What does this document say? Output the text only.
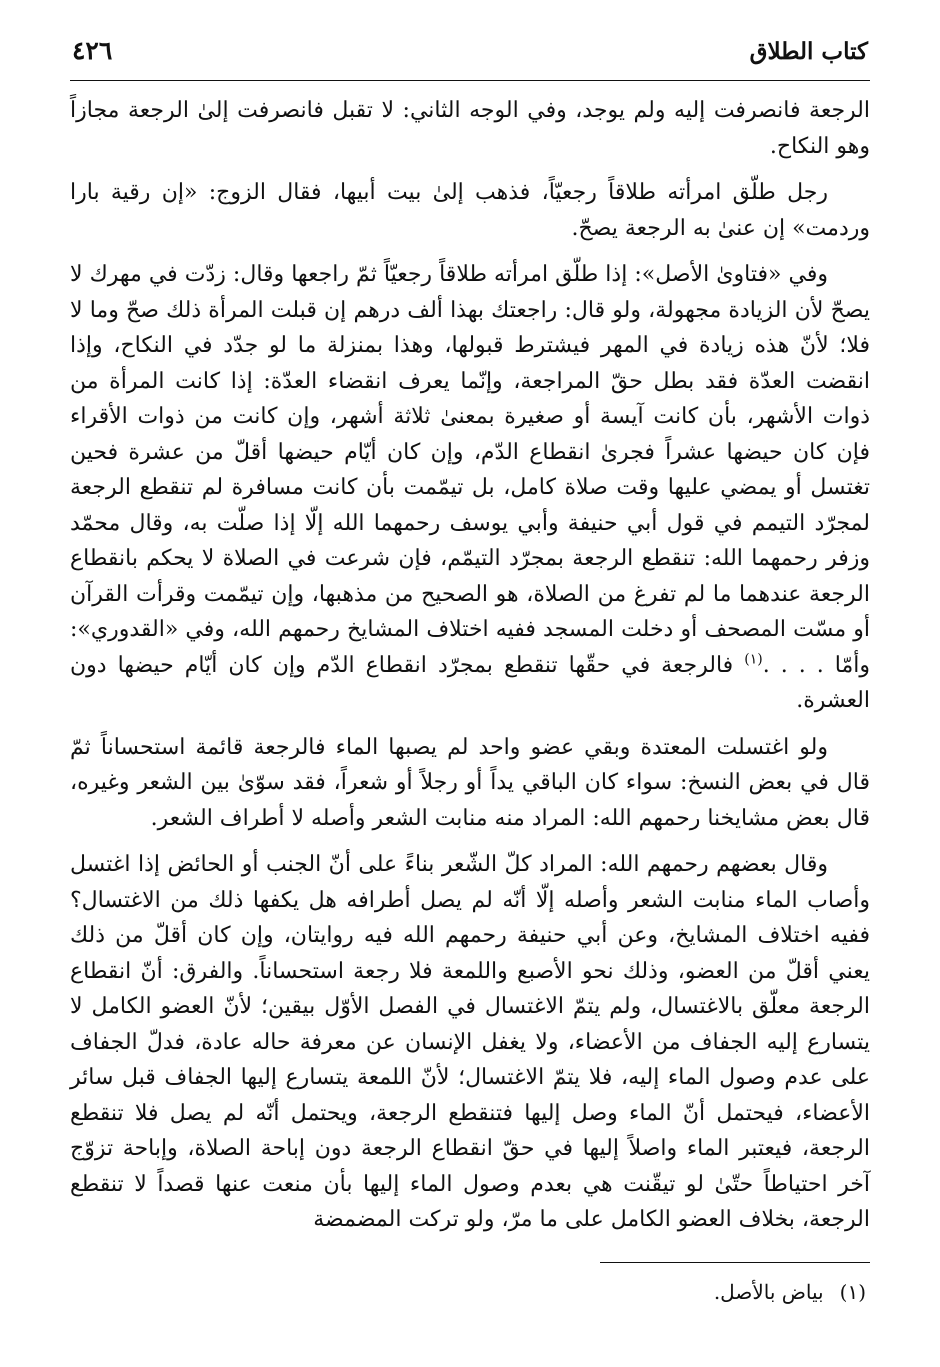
كتاب الطلاق
٤٢٦

الرجعة فانصرفت إليه ولم يوجد، وفي الوجه الثاني: لا تقبل فانصرفت إلىٰ الرجعة مجازاً وهو النكاح.

رجل طلّق امرأته طلاقاً رجعيّاً، فذهب إلىٰ بيت أبيها، فقال الزوج: «إن رقية بارا وردمت» إن عنىٰ به الرجعة يصحّ.

وفي «فتاوىٰ الأصل»: إذا طلّق امرأته طلاقاً رجعيّاً ثمّ راجعها وقال: زدّت في مهرك لا يصحّ لأن الزيادة مجهولة، ولو قال: راجعتك بهذا ألف درهم إن قبلت المرأة ذلك صحّ وما لا فلا؛ لأنّ هذه زيادة في المهر فيشترط قبولها، وهذا بمنزلة ما لو جدّد في النكاح، وإذا انقضت العدّة فقد بطل حقّ المراجعة، وإنّما يعرف انقضاء العدّة: إذا كانت المرأة من ذوات الأشهر، بأن كانت آيسة أو صغيرة بمعنىٰ ثلاثة أشهر، وإن كانت من ذوات الأقراء فإن كان حيضها عشراً فجرىٰ انقطاع الدّم، وإن كان أيّام حيضها أقلّ من عشرة فحين تغتسل أو يمضي عليها وقت صلاة كامل، بل تيمّمت بأن كانت مسافرة لم تنقطع الرجعة لمجرّد التيمم في قول أبي حنيفة وأبي يوسف رحمهما الله إلّا إذا صلّت به، وقال محمّد وزفر رحمهما الله: تنقطع الرجعة بمجرّد التيمّم، فإن شرعت في الصلاة لا يحكم بانقطاع الرجعة عندهما ما لم تفرغ من الصلاة، هو الصحيح من مذهبها، وإن تيمّمت وقرأت القرآن أو مسّت المصحف أو دخلت المسجد ففيه اختلاف المشايخ رحمهم الله، وفي «القدوري»: وأمّا . . . .$^{(١)}$ فالرجعة في حقّها تنقطع بمجرّد انقطاع الدّم وإن كان أيّام حيضها دون العشرة.

ولو اغتسلت المعتدة وبقي عضو واحد لم يصبها الماء فالرجعة قائمة استحساناً ثمّ قال في بعض النسخ: سواء كان الباقي يداً أو رجلاً أو شعراً، فقد سوّىٰ بين الشعر وغيره، قال بعض مشايخنا رحمهم الله: المراد منه منابت الشعر وأصله لا أطراف الشعر.

وقال بعضهم رحمهم الله: المراد كلّ الشّعر بناءً على أنّ الجنب أو الحائض إذا اغتسل وأصاب الماء منابت الشعر وأصله إلّا أنّه لم يصل أطرافه هل يكفها ذلك من الاغتسال؟ ففيه اختلاف المشايخ، وعن أبي حنيفة رحمهم الله فيه روايتان، وإن كان أقلّ من ذلك يعني أقلّ من العضو، وذلك نحو الأصبع واللمعة فلا رجعة استحساناً. والفرق: أنّ انقطاع الرجعة معلّق بالاغتسال، ولم يتمّ الاغتسال في الفصل الأوّل بيقين؛ لأنّ العضو الكامل لا يتسارع إليه الجفاف من الأعضاء، ولا يغفل الإنسان عن معرفة حاله عادة، فدلّ الجفاف على عدم وصول الماء إليه، فلا يتمّ الاغتسال؛ لأنّ اللمعة يتسارع إليها الجفاف قبل سائر الأعضاء، فيحتمل أنّ الماء وصل إليها فتنقطع الرجعة، ويحتمل أنّه لم يصل فلا تنقطع الرجعة، فيعتبر الماء واصلاً إليها في حقّ انقطاع الرجعة دون إباحة الصلاة، وإباحة تزوّج آخر احتياطاً حتّىٰ لو تيقّنت هي بعدم وصول الماء إليها بأن منعت عنها قصداً لا تنقطع الرجعة، بخلاف العضو الكامل على ما مرّ، ولو تركت المضمضة

(١)
بياض بالأصل.
